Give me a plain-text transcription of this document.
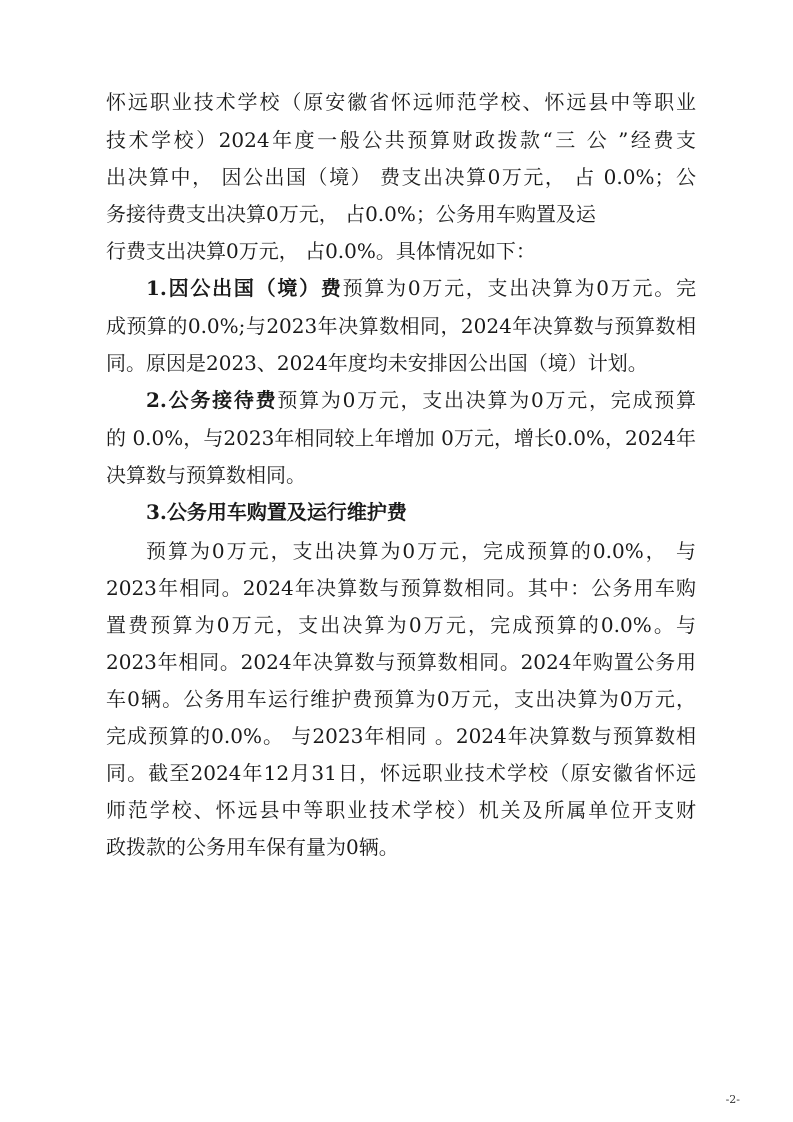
怀远职业技术学校（原安徽省怀远师范学校、怀远县中等职业
技术学校）2024年度一般公共预算财政拨款“三 公 ”经费支
出决算中， 因公出国（境） 费支出决算0万元， 占 0.0%；公
务接待费支出决算0万元， 占0.0%；公务用车购置及运
行费支出决算0万元， 占0.0%。具体情况如下：
1.因公出国（境）费预算为0万元，支出决算为0万元。完
成预算的0.0%;与2023年决算数相同，2024年决算数与预算数相
同。原因是2023、2024年度均未安排因公出国（境）计划。
2.公务接待费预算为0万元，支出决算为0万元，完成预算
的 0.0%，与2023年相同较上年增加 0万元，增长0.0%，2024年
决算数与预算数相同。
3.公务用车购置及运行维护费
预算为0万元，支出决算为0万元，完成预算的0.0%， 与
2023年相同。2024年决算数与预算数相同。其中：公务用车购
置费预算为0万元，支出决算为0万元，完成预算的0.0%。与
2023年相同。2024年决算数与预算数相同。2024年购置公务用
车0辆。公务用车运行维护费预算为0万元，支出决算为0万元，
完成预算的0.0%。 与2023年相同 。2024年决算数与预算数相
同。截至2024年12月31日，怀远职业技术学校（原安徽省怀远
师范学校、怀远县中等职业技术学校）机关及所属单位开支财
政拨款的公务用车保有量为0辆。
-2-
